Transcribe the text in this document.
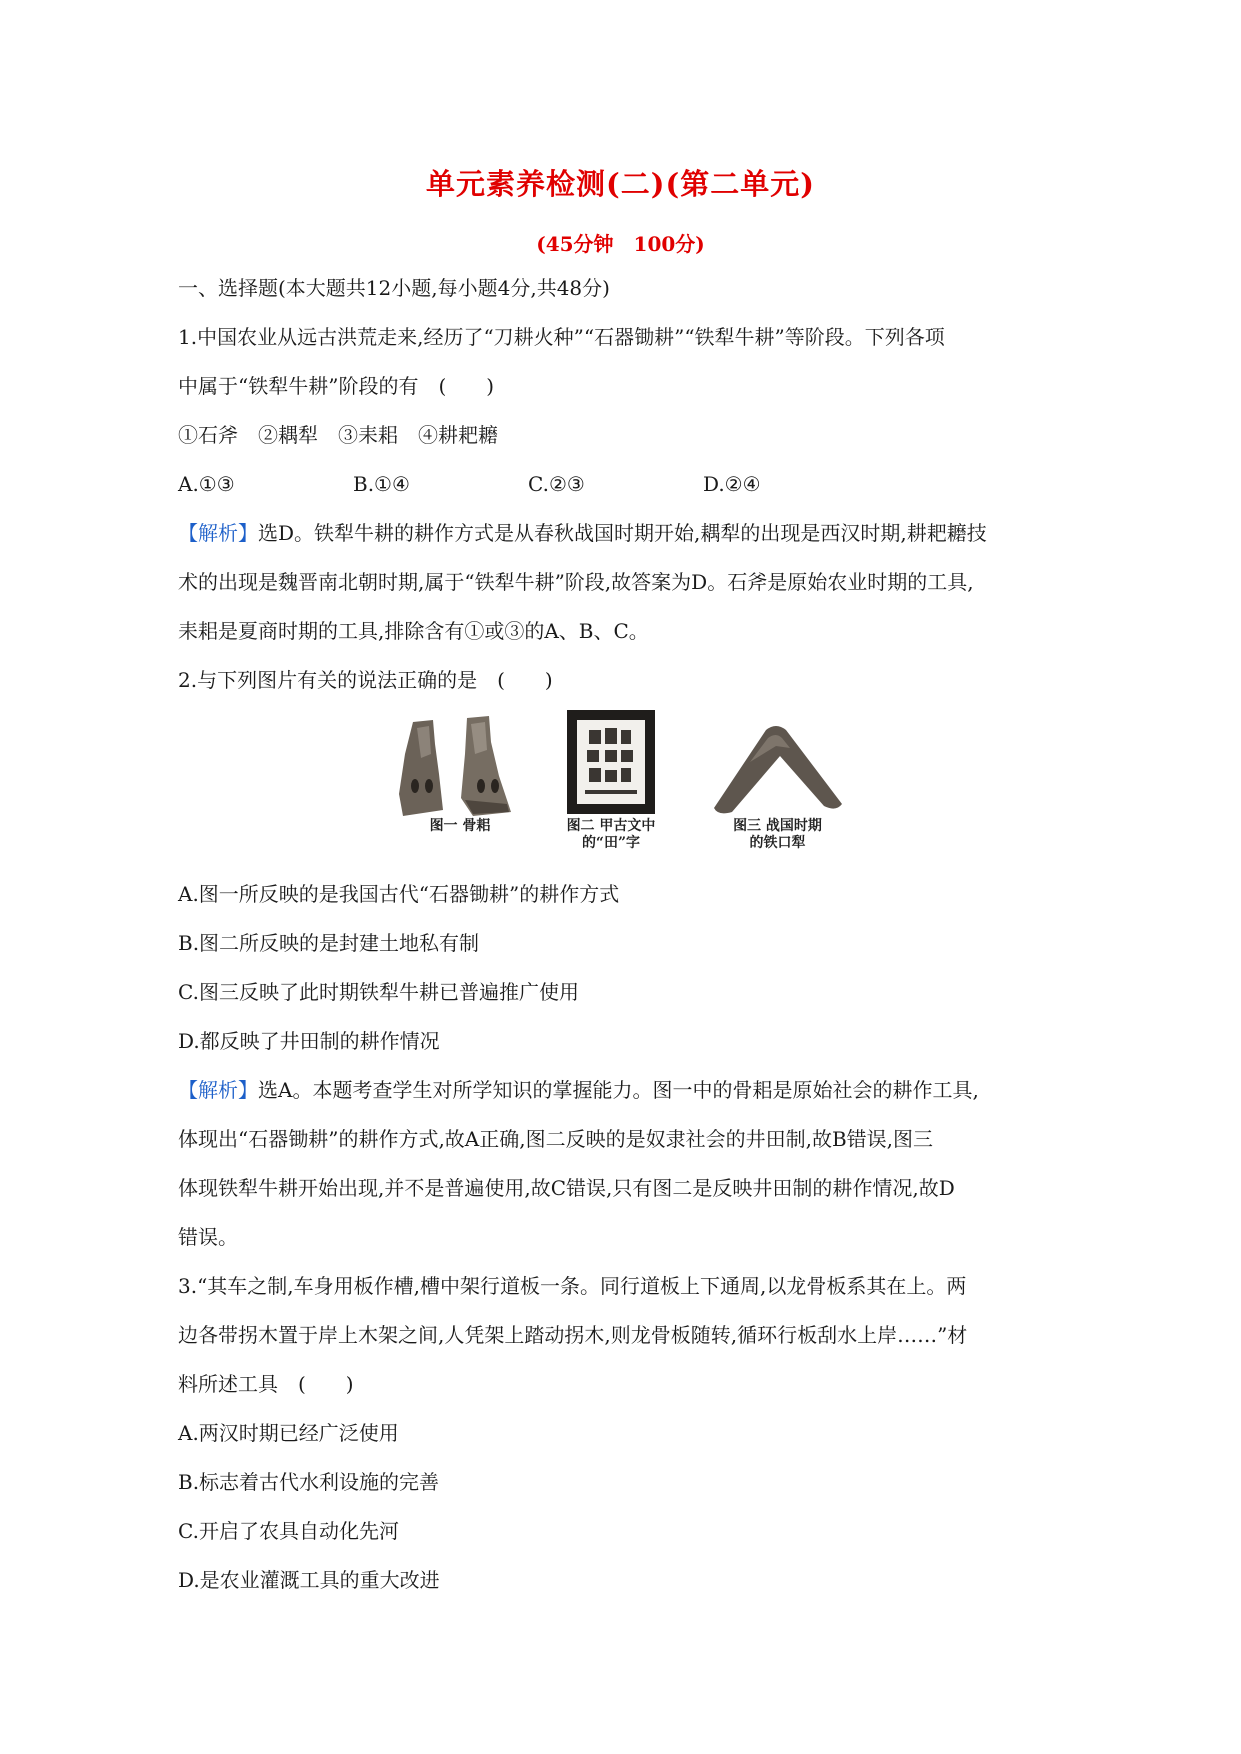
单元素养检测(二)(第二单元)
(45分钟　100分)
一、选择题(本大题共12小题,每小题4分,共48分)
1.中国农业从远古洪荒走来,经历了“刀耕火种”“石器锄耕”“铁犁牛耕”等阶段。下列各项
中属于“铁犁牛耕”阶段的有　(　　)
①石斧　②耦犁　③耒耜　④耕耙耱
A.①③	B.①④	C.②③	D.②④
【解析】选D。铁犁牛耕的耕作方式是从春秋战国时期开始,耦犁的出现是西汉时期,耕耙耱技
术的出现是魏晋南北朝时期,属于“铁犁牛耕”阶段,故答案为D。石斧是原始农业时期的工具,
耒耜是夏商时期的工具,排除含有①或③的A、B、C。
2.与下列图片有关的说法正确的是　(　　)
图一 骨耜	图二 甲古文中
的“田”字
图三 战国时期
的铁口犁
A.图一所反映的是我国古代“石器锄耕”的耕作方式
B.图二所反映的是封建土地私有制
C.图三反映了此时期铁犁牛耕已普遍推广使用
D.都反映了井田制的耕作情况
【解析】选A。本题考查学生对所学知识的掌握能力。图一中的骨耜是原始社会的耕作工具,
体现出“石器锄耕”的耕作方式,故A正确,图二反映的是奴隶社会的井田制,故B错误,图三
体现铁犁牛耕开始出现,并不是普遍使用,故C错误,只有图二是反映井田制的耕作情况,故D
错误。
3.“其车之制,车身用板作槽,槽中架行道板一条。同行道板上下通周,以龙骨板系其在上。两
边各带拐木置于岸上木架之间,人凭架上踏动拐木,则龙骨板随转,循环行板刮水上岸……”材
料所述工具　(　　)
A.两汉时期已经广泛使用
B.标志着古代水利设施的完善
C.开启了农具自动化先河
D.是农业灌溉工具的重大改进
